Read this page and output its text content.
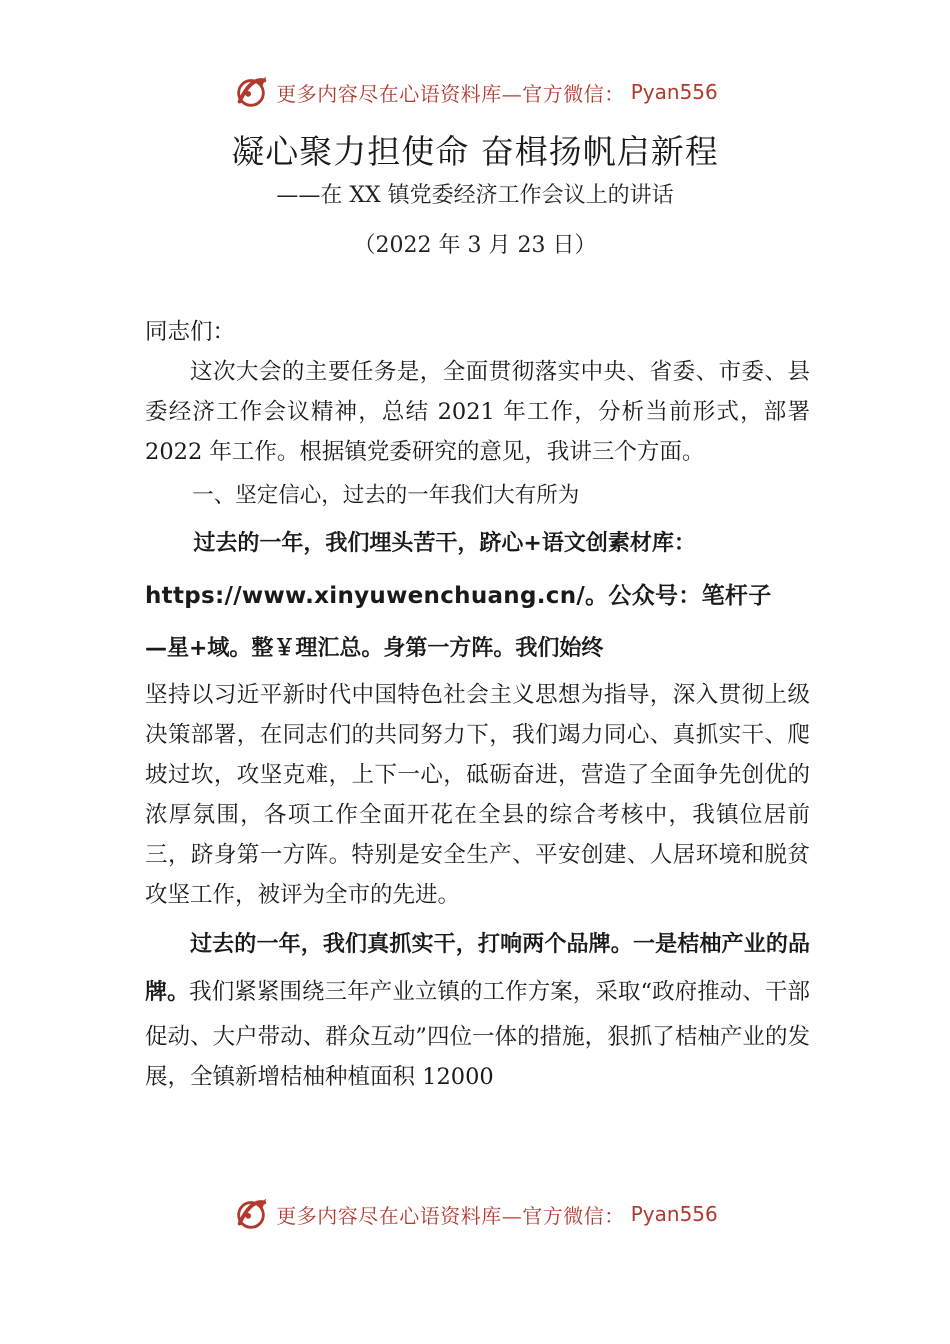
更多内容尽在心语资料库—官方微信： Pyan556
凝心聚力担使命 奋楫扬帆启新程
——在 XX 镇党委经济工作会议上的讲话
（2022 年 3 月 23 日）

同志们：

这次大会的主要任务是，全面贯彻落实中央、省委、市委、县委经济工作会议精神，总结 2021 年工作，分析当前形式，部署 2022 年工作。根据镇党委研究的意见，我讲三个方面。

一、坚定信心，过去的一年我们大有所为

过去的一年，我们埋头苦干，跻心+语文创素材库：
https://www.xinyuwenchuang.cn/。公众号：笔杆子
—星+域。整￥理汇总。身第一方阵。我们始终

坚持以习近平新时代中国特色社会主义思想为指导，深入贯彻上级决策部署，在同志们的共同努力下，我们竭力同心、真抓实干、爬坡过坎，攻坚克难，上下一心，砥砺奋进，营造了全面争先创优的浓厚氛围，各项工作全面开花在全县的综合考核中，我镇位居前三，跻身第一方阵。特别是安全生产、平安创建、人居环境和脱贫攻坚工作，被评为全市的先进。

过去的一年，我们真抓实干，打响两个品牌。一是桔柚产业的品牌。我们紧紧围绕三年产业立镇的工作方案，采取“政府推动、干部促动、大户带动、群众互动”四位一体的措施，狠抓了桔柚产业的发展，全镇新增桔柚种植面积 12000

更多内容尽在心语资料库—官方微信： Pyan556
